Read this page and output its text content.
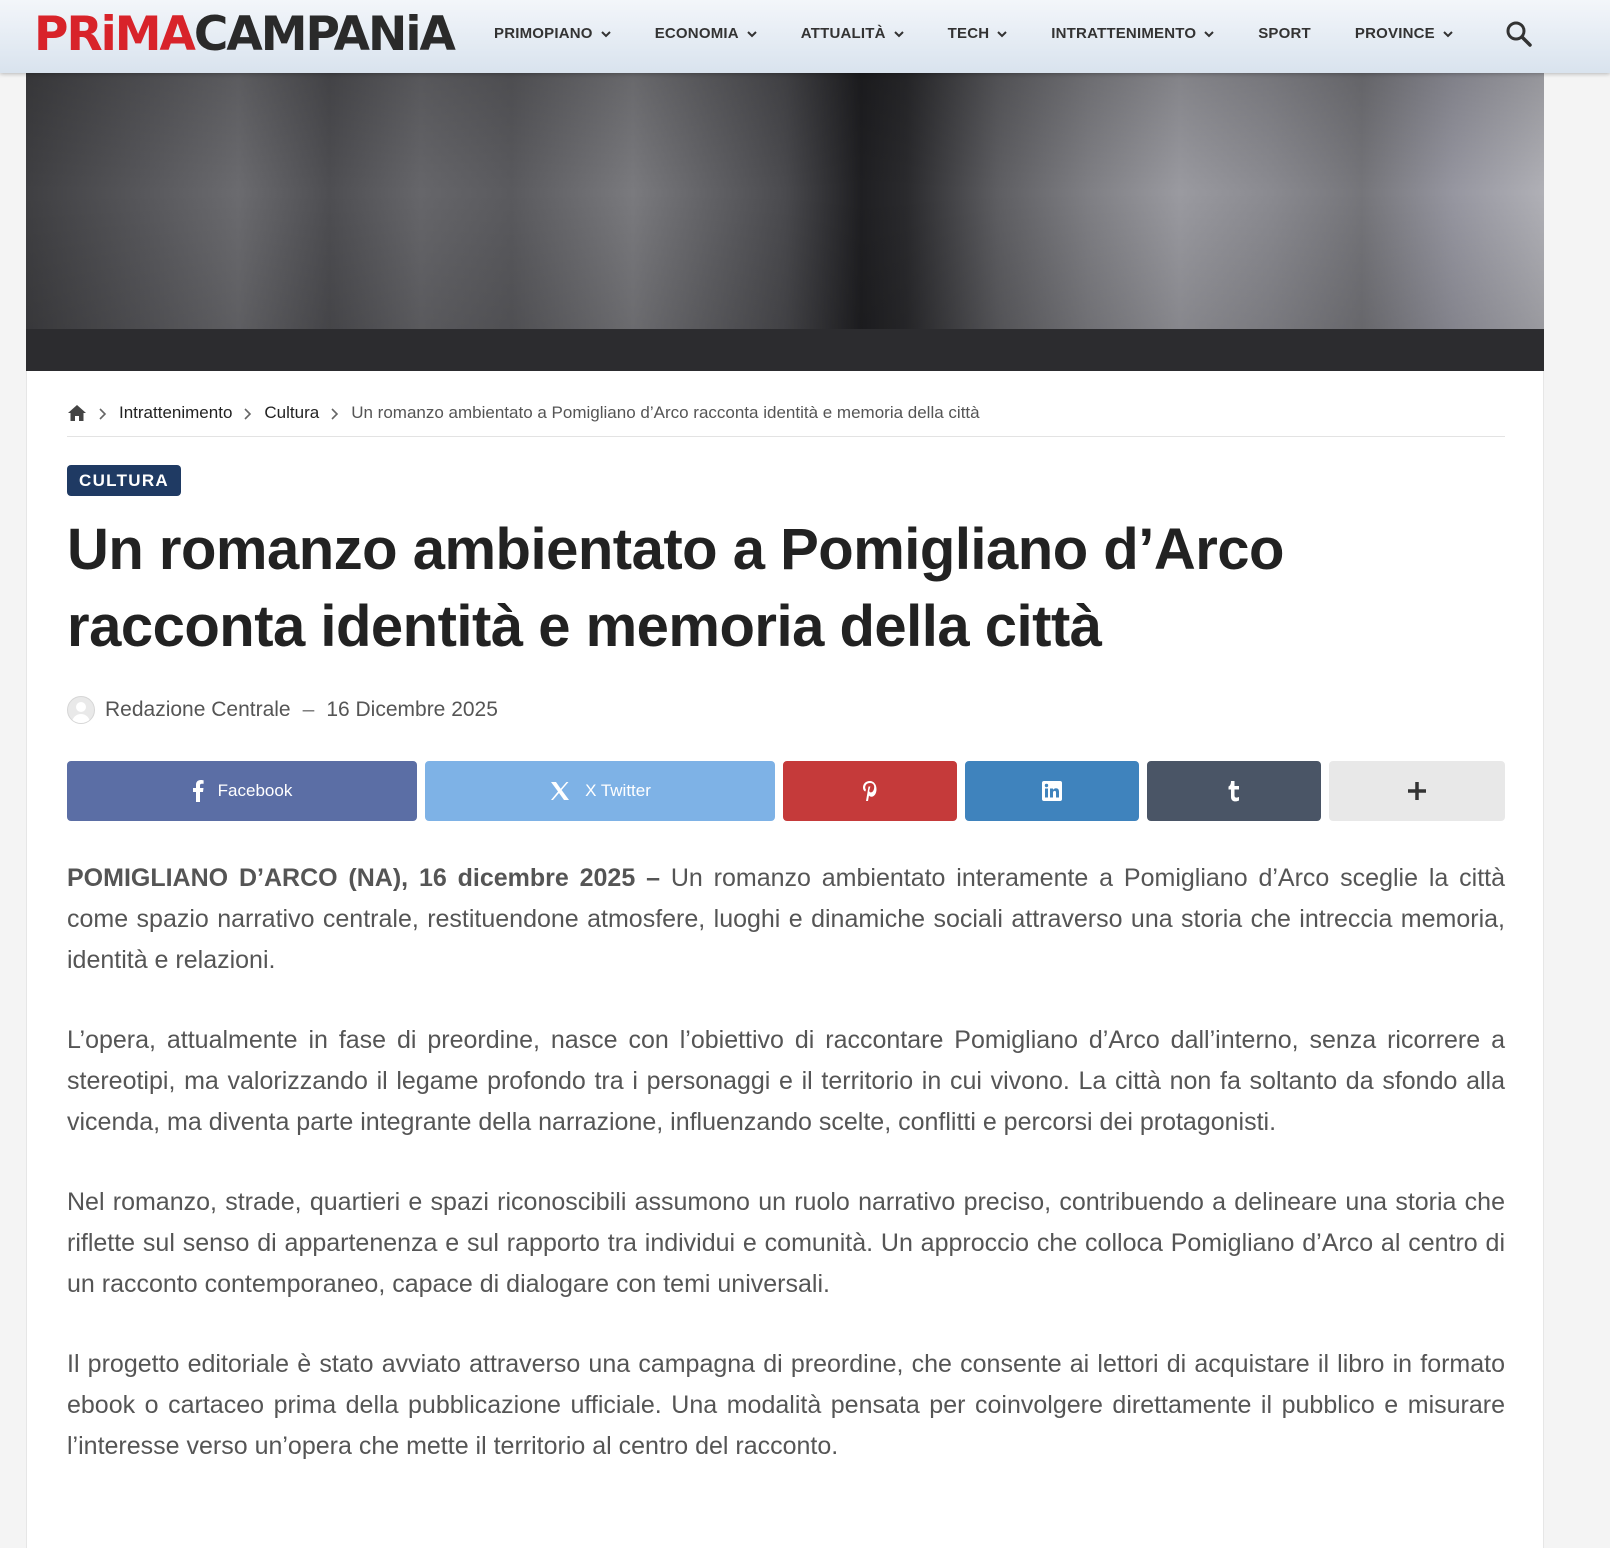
PRiMACAMPANiA	PRIMOPIANO	ECONOMIA	ATTUALITÀ	TECH	INTRATTENIMENTO	SPORT	PROVINCE
Intrattenimento Cultura Un romanzo ambientato a Pomigliano d’Arco racconta identità e memoria della città
CULTURA
Un romanzo ambientato a Pomigliano d’Arco racconta identità e memoria della città
Redazione Centrale – 16 Dicembre 2025
Facebook	X Twitter

POMIGLIANO D’ARCO (NA), 16 dicembre 2025 – Un romanzo ambientato interamente a Pomigliano d’Arco sceglie la città come spazio narrativo centrale, restituendone atmosfere, luoghi e dinamiche sociali attraverso una storia che intreccia memoria, identità e relazioni.

L’opera, attualmente in fase di preordine, nasce con l’obiettivo di raccontare Pomigliano d’Arco dall’interno, senza ricorrere a stereotipi, ma valorizzando il legame profondo tra i personaggi e il territorio in cui vivono. La città non fa soltanto da sfondo alla vicenda, ma diventa parte integrante della narrazione, influenzando scelte, conflitti e percorsi dei protagonisti.

Nel romanzo, strade, quartieri e spazi riconoscibili assumono un ruolo narrativo preciso, contribuendo a delineare una storia che riflette sul senso di appartenenza e sul rapporto tra individui e comunità. Un approccio che colloca Pomigliano d’Arco al centro di un racconto contemporaneo, capace di dialogare con temi universali.

Il progetto editoriale è stato avviato attraverso una campagna di preordine, che consente ai lettori di acquistare il libro in formato ebook o cartaceo prima della pubblicazione ufficiale. Una modalità pensata per coinvolgere direttamente il pubblico e misurare l’interesse verso un’opera che mette il territorio al centro del racconto.
